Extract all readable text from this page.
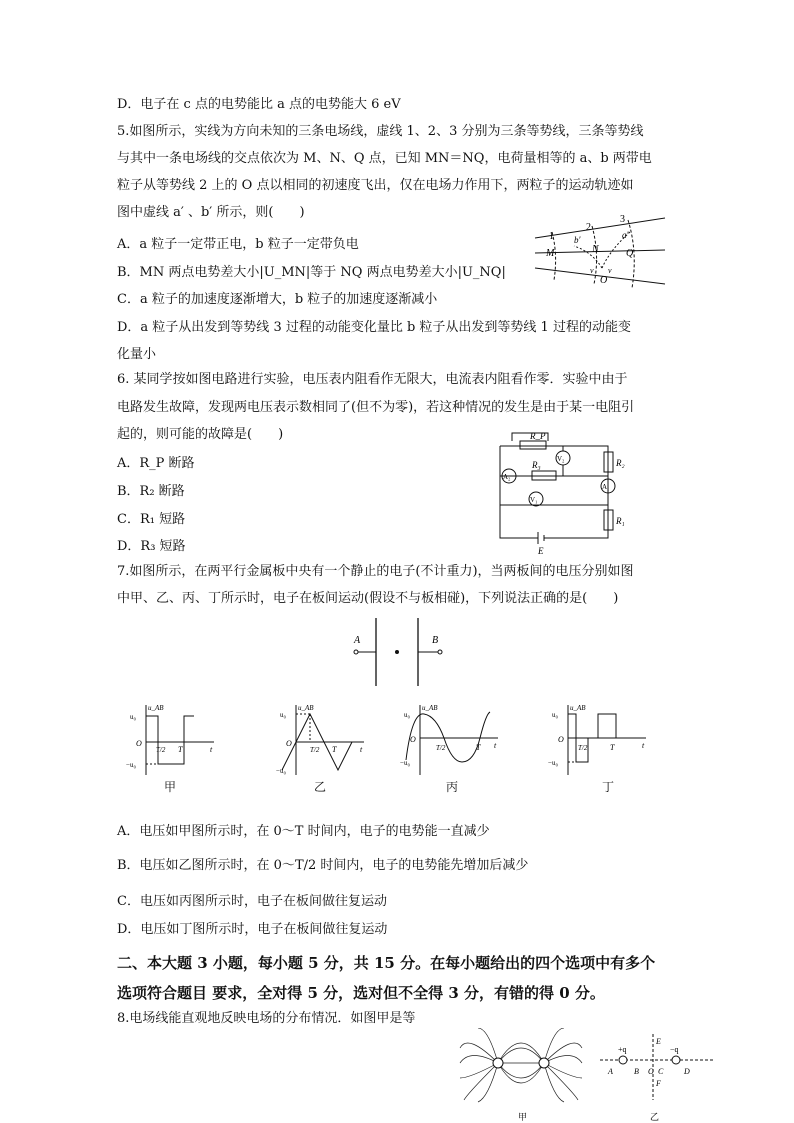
D．电子在 c 点的电势能比 a 点的电势能大 6 eV
5.如图所示，实线为方向未知的三条电场线，虚线 1、2、3 分别为三条等势线，三条等势线
与其中一条电场线的交点依次为 M、N、Q 点，已知 MN＝NQ，电荷量相等的 a、b 两带电
粒子从等势线 2 上的 O 点以相同的初速度飞出，仅在电场力作用下，两粒子的运动轨迹如
图中虚线 a′ 、b′ 所示，则(　　)
A．a 粒子一定带正电，b 粒子一定带负电
B．MN 两点电势差大小|U_MN|等于 NQ 两点电势差大小|U_NQ|
C．a 粒子的加速度逐渐增大，b 粒子的加速度逐渐减小
D．a 粒子从出发到等势线 3 过程的动能变化量比 b 粒子从出发到等势线 1 过程的动能变
化量小
1
2
3
M	N	Q
O
a′
b′
v v
6. 某同学按如图电路进行实验，电压表内阻看作无限大，电流表内阻看作零．实验中由于
电路发生故障，发现两电压表示数相同了(但不为零)，若这种情况的发生是由于某一电阻引
起的，则可能的故障是(　　)
A．R_P 断路
B．R₂ 断路
C．R₁ 短路
D．R₃ 短路
R_P
R₃	R₂
R₁
V₂
V₁
A₂
A₁
E
7.如图所示，在两平行金属板中央有一个静止的电子(不计重力)，当两板间的电压分别如图
中甲、乙、丙、丁所示时，电子在板间运动(假设不与板相碰)，下列说法正确的是(　　)
A	B
u_AB
u₀
−u₀
O
T/2 T	t
甲
u_AB
u₀
−u₀
O
T/2 T	t
乙
u_AB
u₀
−u₀
O
T/2	T t
丙
u_AB
u₀
−u₀
O
T/2	T	t
丁
A．电压如甲图所示时，在 0～T 时间内，电子的电势能一直减少
B．电压如乙图所示时，在 0～T/2 时间内，电子的电势能先增加后减少
C．电压如丙图所示时，电子在板间做往复运动
D．电压如丁图所示时，电子在板间做往复运动
二、本大题 3 小题，每小题 5 分，共 15 分。在每小题给出的四个选项中有多个
选项符合题目 要求，全对得 5 分，选对但不全得 3 分，有错的得 0 分。
8.电场线能直观地反映电场的分布情况．如图甲是等
甲
+q	−q
A	B O C	D
E
F
乙
